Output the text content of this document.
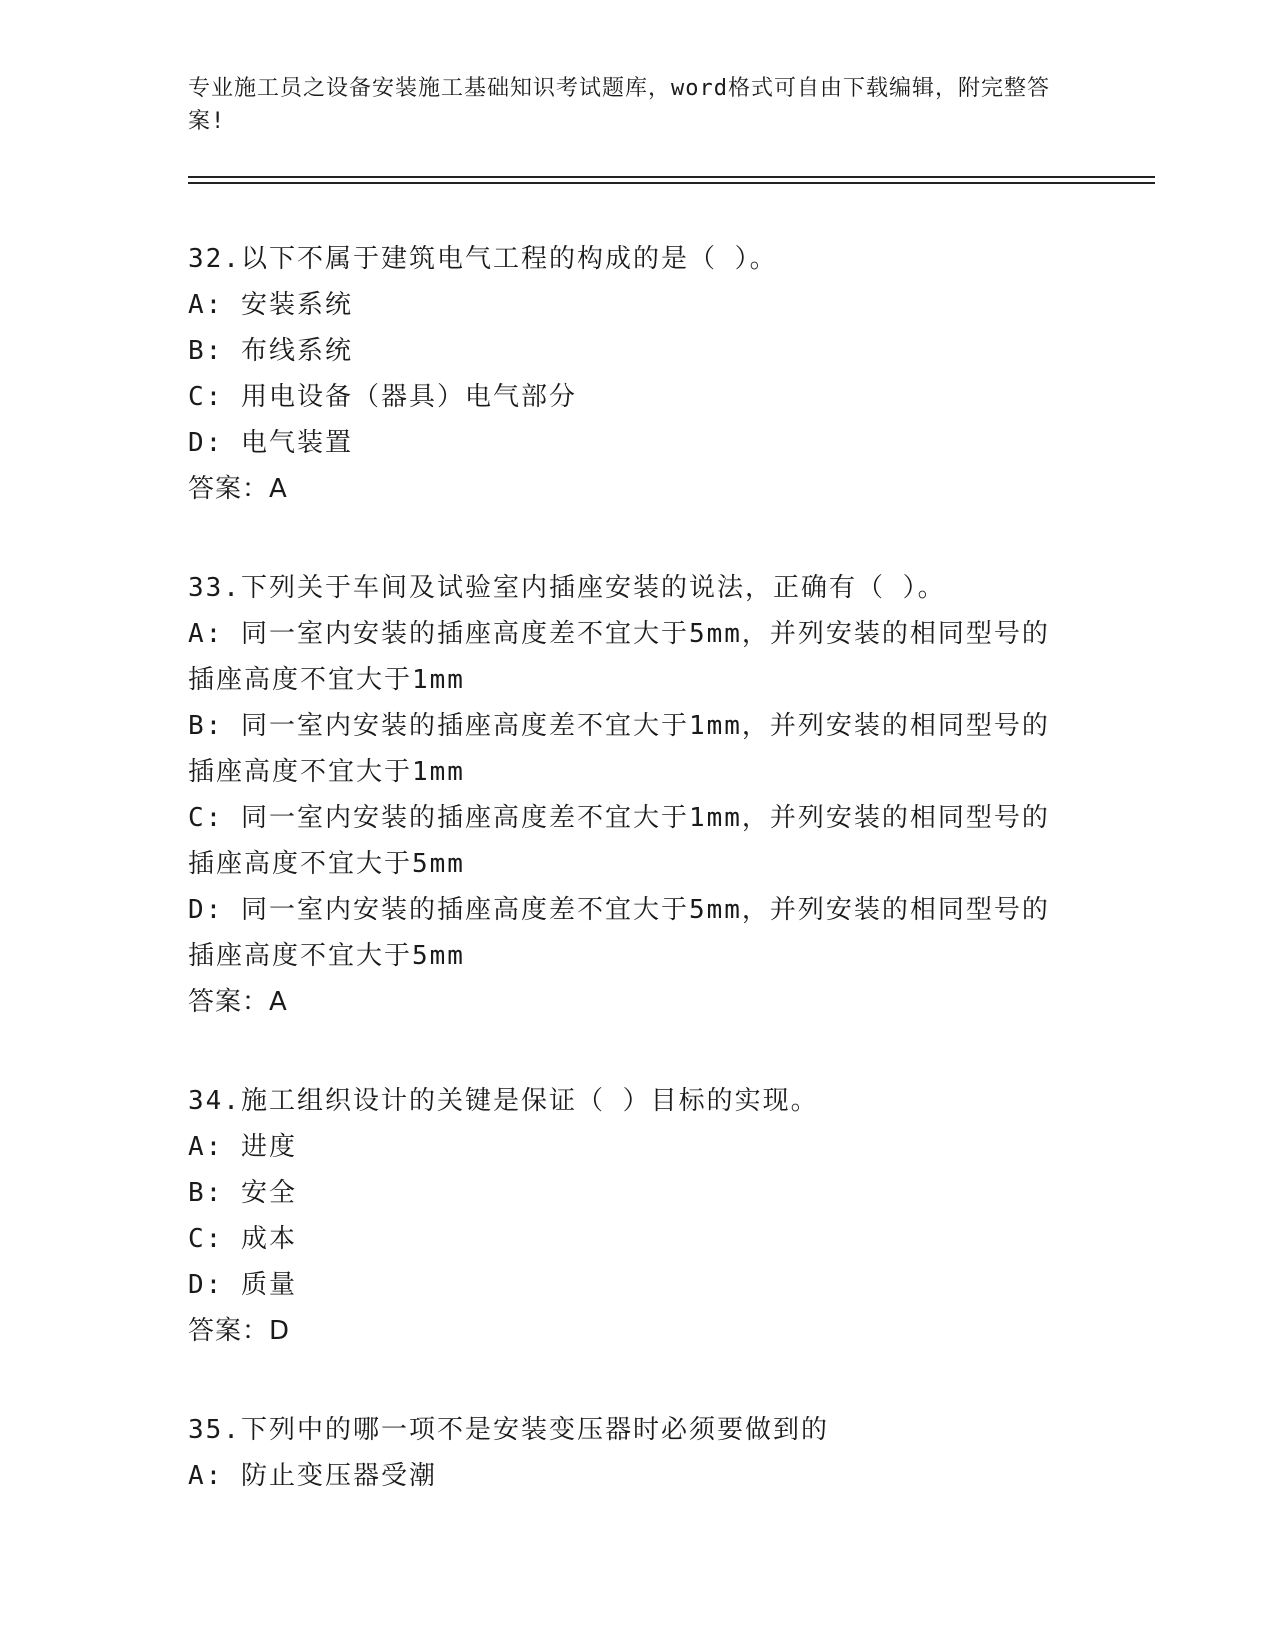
专业施工员之设备安装施工基础知识考试题库，word格式可自由下载编辑，附完整答案!
32.以下不属于建筑电气工程的构成的是（ ）。
A: 安装系统
B: 布线系统
C: 用电设备（器具）电气部分
D: 电气装置
答案：A
33.下列关于车间及试验室内插座安装的说法，正确有（ ）。
A: 同一室内安装的插座高度差不宜大于5mm，并列安装的相同型号的插座高度不宜大于1mm
B: 同一室内安装的插座高度差不宜大于1mm，并列安装的相同型号的插座高度不宜大于1mm
C: 同一室内安装的插座高度差不宜大于1mm，并列安装的相同型号的插座高度不宜大于5mm
D: 同一室内安装的插座高度差不宜大于5mm，并列安装的相同型号的插座高度不宜大于5mm
答案：A
34.施工组织设计的关键是保证（ ）目标的实现。
A: 进度
B: 安全
C: 成本
D: 质量
答案：D
35.下列中的哪一项不是安装变压器时必须要做到的
A: 防止变压器受潮
